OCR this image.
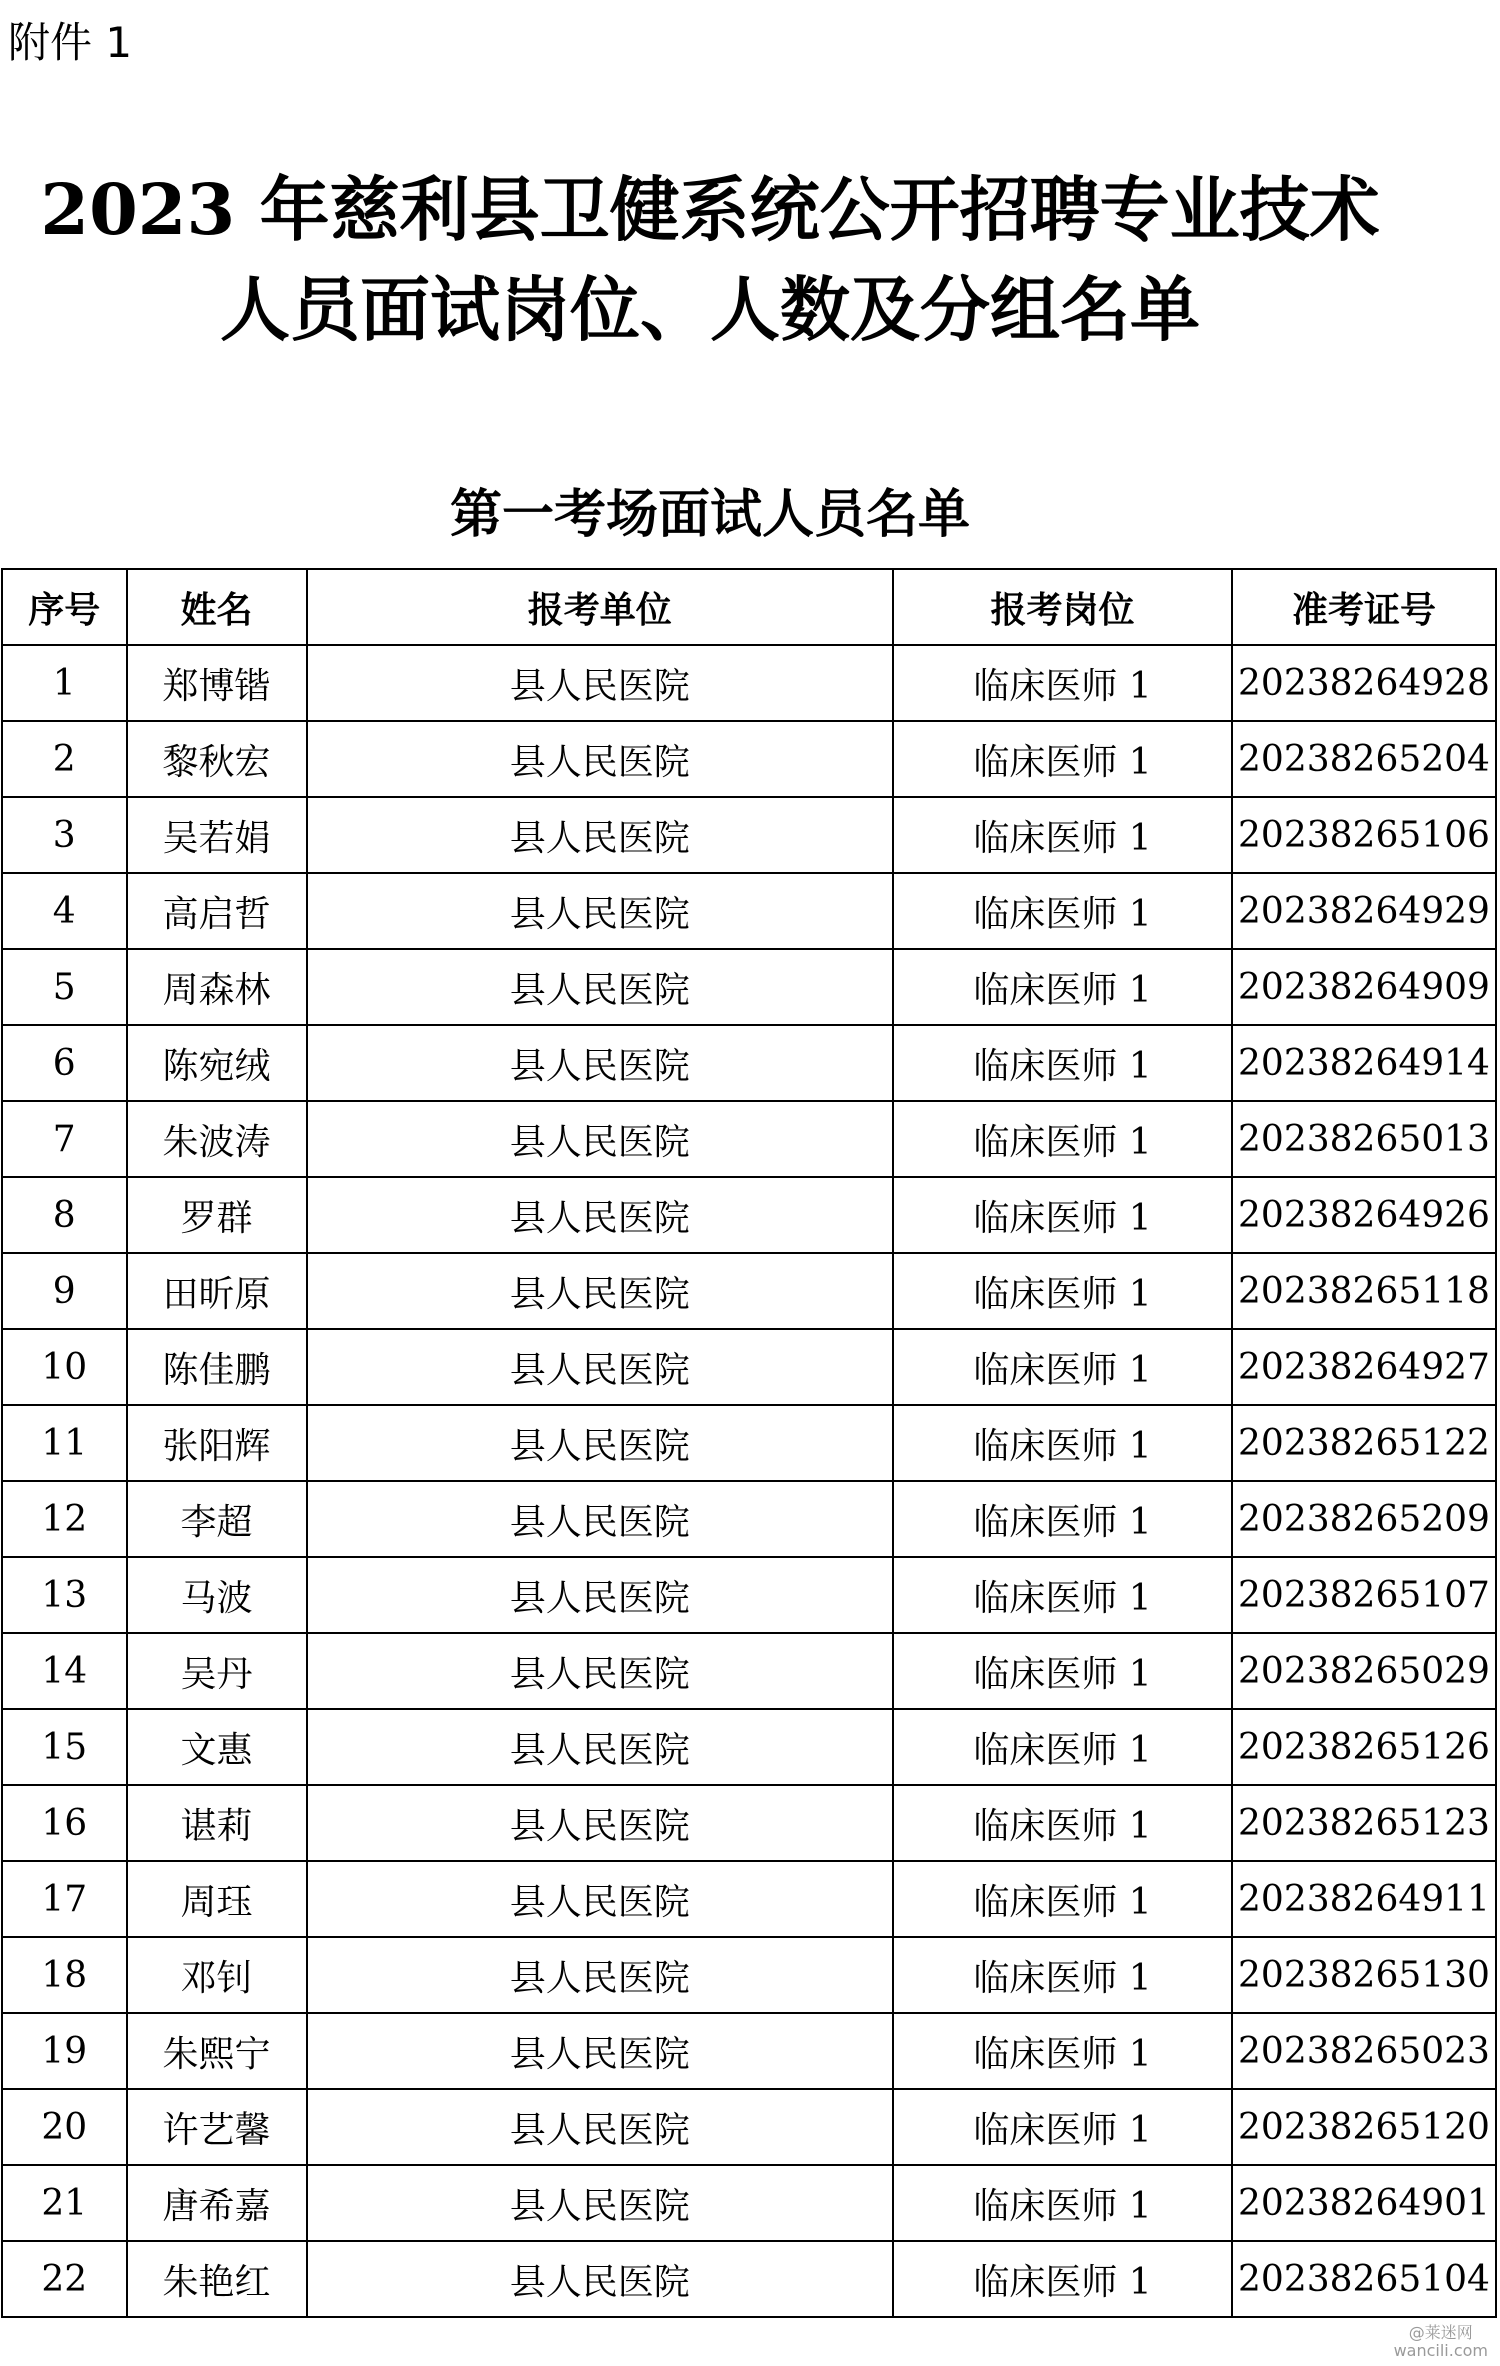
附件 1
2023 年慈利县卫健系统公开招聘专业技术
人员面试岗位、人数及分组名单
第一考场面试人员名单
序号	姓名	报考单位	报考岗位	准考证号
1	郑博锴	县人民医院	临床医师 1	20238264928
2	黎秋宏	县人民医院	临床医师 1	20238265204
3	吴若娟	县人民医院	临床医师 1	20238265106
4	高启哲	县人民医院	临床医师 1	20238264929
5	周森林	县人民医院	临床医师 1	20238264909
6	陈宛绒	县人民医院	临床医师 1	20238264914
7	朱波涛	县人民医院	临床医师 1	20238265013
8	罗群	县人民医院	临床医师 1	20238264926
9	田昕原	县人民医院	临床医师 1	20238265118
10	陈佳鹏	县人民医院	临床医师 1	20238264927
11	张阳辉	县人民医院	临床医师 1	20238265122
12	李超	县人民医院	临床医师 1	20238265209
13	马波	县人民医院	临床医师 1	20238265107
14	吴丹	县人民医院	临床医师 1	20238265029
15	文惠	县人民医院	临床医师 1	20238265126
16	谌莉	县人民医院	临床医师 1	20238265123
17	周珏	县人民医院	临床医师 1	20238264911
18	邓钊	县人民医院	临床医师 1	20238265130
19	朱熙宁	县人民医院	临床医师 1	20238265023
20	许艺馨	县人民医院	临床医师 1	20238265120
21	唐希嘉	县人民医院	临床医师 1	20238264901
22	朱艳红	县人民医院	临床医师 1	20238265104
@莱迷网
wancili.com
